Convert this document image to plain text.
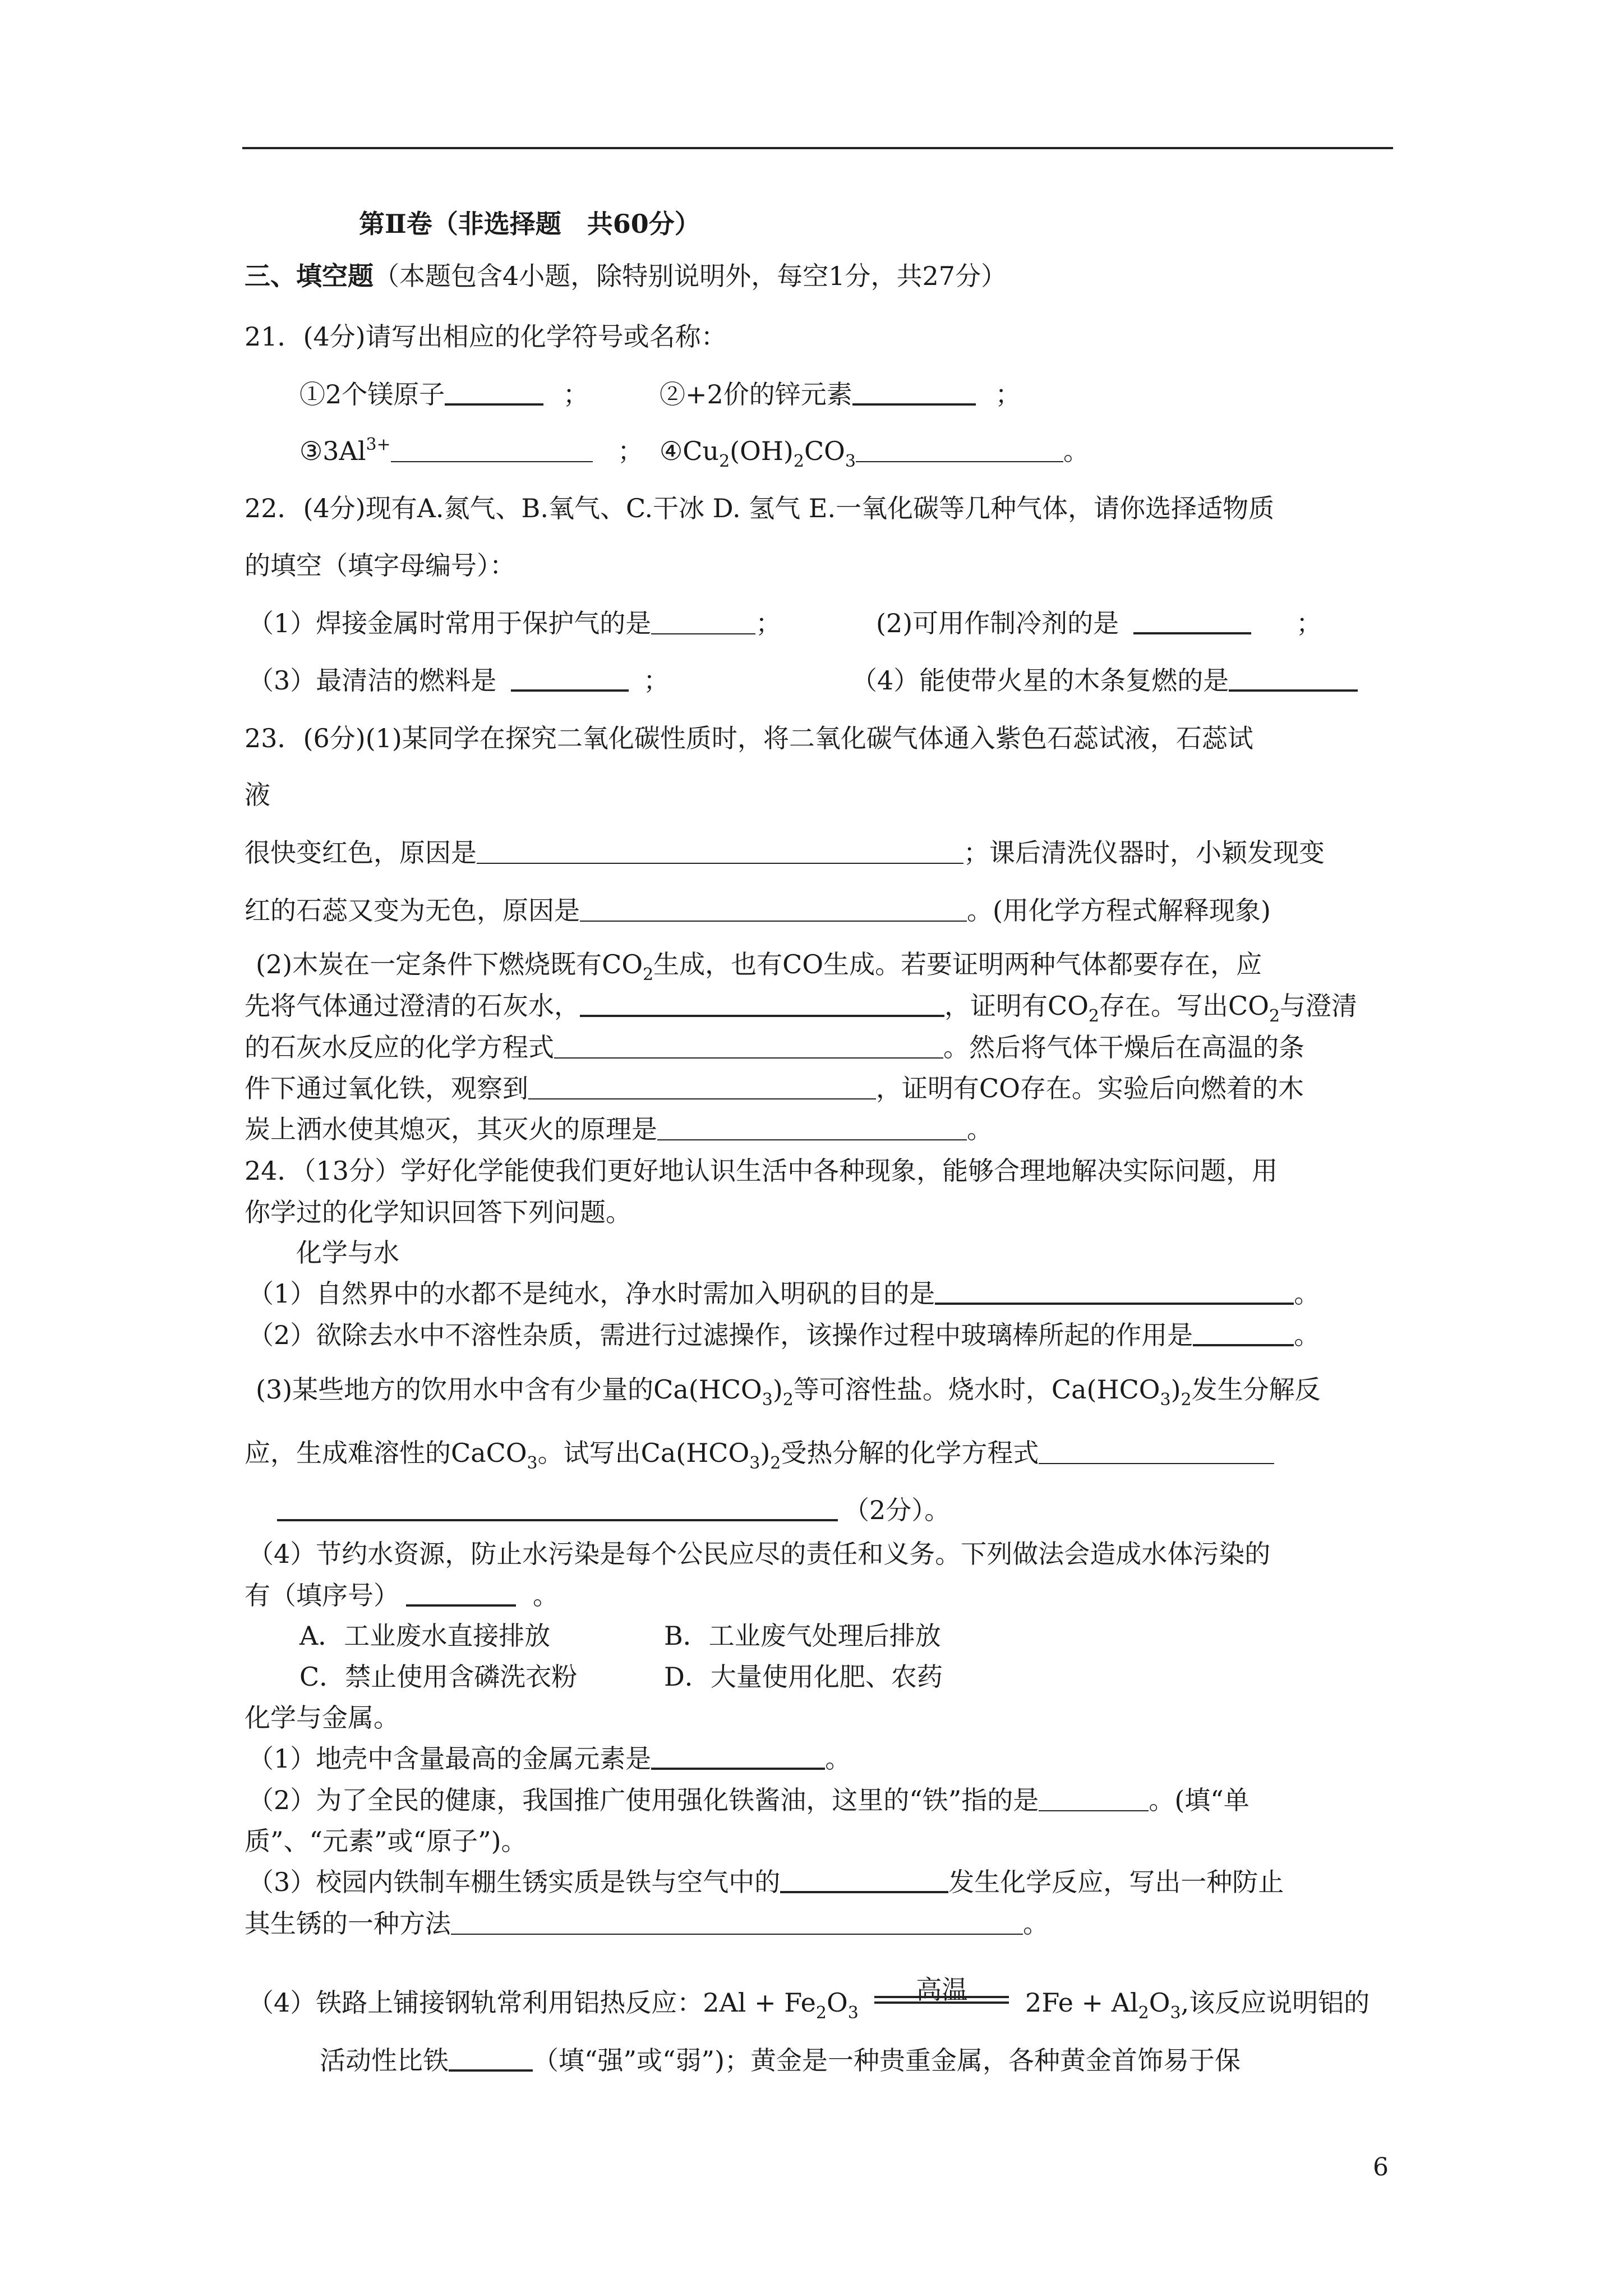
第Ⅱ卷（非选择题　共60分）
三、填空题（本题包含4小题，除特别说明外，每空1分，共27分）
21．(4分)请写出相应的化学符号或名称：
①2个镁原子	；	②+2价的锌元素	；
$③3Al^{3+}$	； $④Cu_2(OH)_2CO_3$	。
22．(4分)现有A.氮气、B.氧气、C.干冰 D. 氢气 E.一氧化碳等几种气体，请你选择适物质
的填空（填字母编号）：
（1）焊接金属时常用于保护气的是	；	(2)可用作制冷剂的是	；
（3）最清洁的燃料是	；	（4）能使带火星的木条复燃的是
23．(6分)(1)某同学在探究二氧化碳性质时，将二氧化碳气体通入紫色石蕊试液，石蕊试
液
很快变红色，原因是	；课后清洗仪器时，小颖发现变
红的石蕊又变为无色，原因是	。(用化学方程式解释现象)
(2)木炭在一定条件下燃烧既有$CO_2$生成，也有CO生成。若要证明两种气体都要存在，应
先将气体通过澄清的石灰水，	，证明有$CO_2$存在。写出$CO_2$与澄清
的石灰水反应的化学方程式	。然后将气体干燥后在高温的条
件下通过氧化铁，观察到	，证明有CO存在。实验后向燃着的木
炭上洒水使其熄灭，其灭火的原理是	。
24．（13分）学好化学能使我们更好地认识生活中各种现象，能够合理地解决实际问题，用
你学过的化学知识回答下列问题。
化学与水
（1）自然界中的水都不是纯水，净水时需加入明矾的目的是	。
（2）欲除去水中不溶性杂质，需进行过滤操作，该操作过程中玻璃棒所起的作用是	。
(3)某些地方的饮用水中含有少量的$Ca(HCO_3)_2$等可溶性盐。烧水时，$Ca(HCO_3)_2$发生分解反
应，生成难溶性的CaCO$_3$。试写出$Ca(HCO_3)_2$受热分解的化学方程式
（2分）。
（4）节约水资源，防止水污染是每个公民应尽的责任和义务。下列做法会造成水体污染的
有（填序号）	。
A．工业废水直接排放	B．工业废气处理后排放
C．禁止使用含磷洗衣粉	D．大量使用化肥、农药
化学与金属。
（1）地壳中含量最高的金属元素是	。
（2）为了全民的健康，我国推广使用强化铁酱油，这里的“铁”指的是	。(填“单
质”、“元素”或“原子”)。
（3）校园内铁制车棚生锈实质是铁与空气中的	发生化学反应，写出一种防止
其生锈的一种方法	。
（4）铁路上铺接钢轨常利用铝热反应：$2Al + Fe_2O_3$
高温	$2Fe + Al_2O_3$,该反应说明铝的
活动性比铁	（填“强”或“弱”)；黄金是一种贵重金属，各种黄金首饰易于保
6
